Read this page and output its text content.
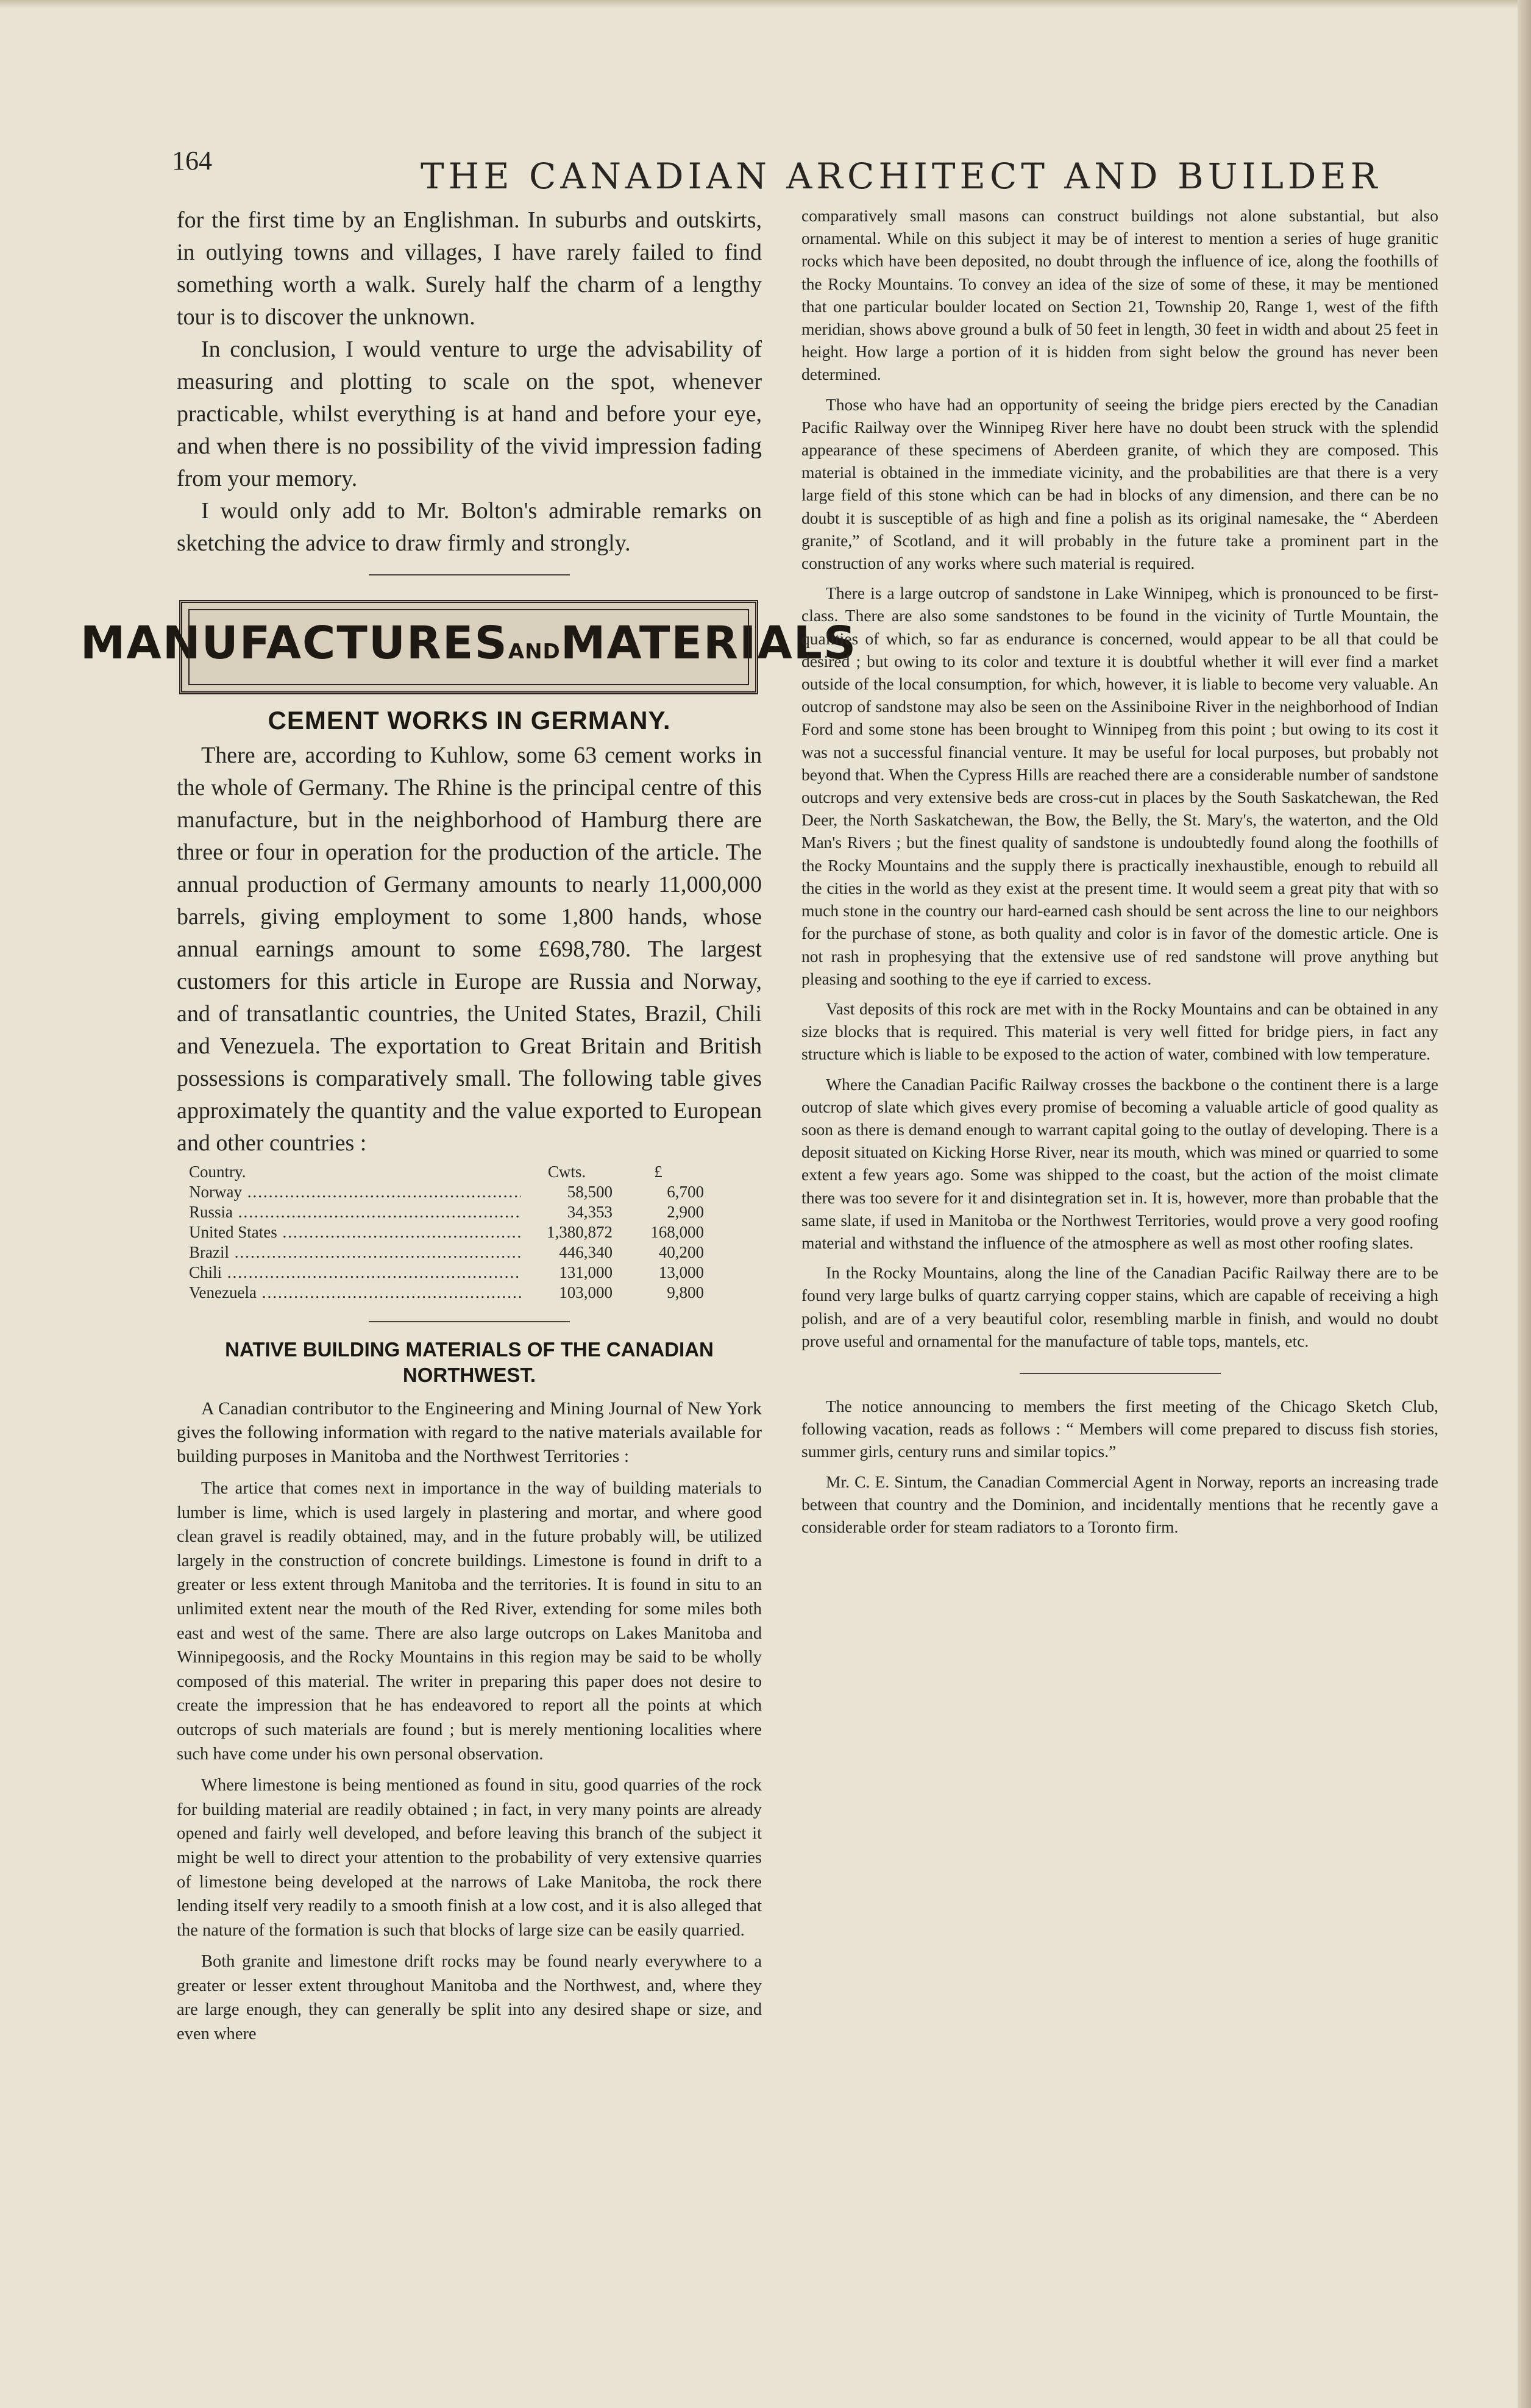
164	THE CANADIAN ARCHITECT AND BUILDER

for the first time by an Englishman. In suburbs and outskirts, in outlying towns and villages, I have rarely failed to find something worth a walk. Surely half the charm of a lengthy tour is to discover the unknown.

In conclusion, I would venture to urge the advisability of measuring and plotting to scale on the spot, whenever practicable, whilst everything is at hand and before your eye, and when there is no possibility of the vivid impression fading from your memory.

I would only add to Mr. Bolton's admirable remarks on sketching the advice to draw firmly and strongly.

MANUFACTURESANDMATERIALS
CEMENT WORKS IN GERMANY.

There are, according to Kuhlow, some 63 cement works in the whole of Germany. The Rhine is the principal centre of this manufacture, but in the neighborhood of Hamburg there are three or four in operation for the production of the article. The annual production of Germany amounts to nearly 11,000,000 barrels, giving employment to some 1,800 hands, whose annual earnings amount to some £698,780. The largest customers for this article in Europe are Russia and Norway, and of transatlantic countries, the United States, Brazil, Chili and Venezuela. The exportation to Great Britain and British possessions is comparatively small. The following table gives approximately the quantity and the value exported to European and other countries :

Country.	Cwts.	£
Norway .....	58,500	6,700
Russia .....	34,353	2,900
United States .....	1,380,872	168,000
Brazil .....	446,340	40,200
Chili .....	131,000	13,000
Venezuela .....	103,000	9,800
NATIVE BUILDING MATERIALS OF THE CANADIAN NORTHWEST.

A Canadian contributor to the Engineering and Mining Journal of New York gives the following information with regard to the native materials available for building purposes in Manitoba and the Northwest Territories :

The artice that comes next in importance in the way of building materials to lumber is lime, which is used largely in plastering and mortar, and where good clean gravel is readily obtained, may, and in the future probably will, be utilized largely in the construction of concrete buildings. Limestone is found in drift to a greater or less extent through Manitoba and the territories. It is found in situ to an unlimited extent near the mouth of the Red River, extending for some miles both east and west of the same. There are also large outcrops on Lakes Manitoba and Winnipegoosis, and the Rocky Mountains in this region may be said to be wholly composed of this material. The writer in preparing this paper does not desire to create the impression that he has endeavored to report all the points at which outcrops of such materials are found ; but is merely mentioning localities where such have come under his own personal observation.

Where limestone is being mentioned as found in situ, good quarries of the rock for building material are readily obtained ; in fact, in very many points are already opened and fairly well developed, and before leaving this branch of the subject it might be well to direct your attention to the probability of very extensive quarries of limestone being developed at the narrows of Lake Manitoba, the rock there lending itself very readily to a smooth finish at a low cost, and it is also alleged that the nature of the formation is such that blocks of large size can be easily quarried.

Both granite and limestone drift rocks may be found nearly everywhere to a greater or lesser extent throughout Manitoba and the Northwest, and, where they are large enough, they can generally be split into any desired shape or size, and even where

comparatively small masons can construct buildings not alone substantial, but also ornamental. While on this subject it may be of interest to mention a series of huge granitic rocks which have been deposited, no doubt through the influence of ice, along the foothills of the Rocky Mountains. To convey an idea of the size of some of these, it may be mentioned that one particular boulder located on Section 21, Township 20, Range 1, west of the fifth meridian, shows above ground a bulk of 50 feet in length, 30 feet in width and about 25 feet in height. How large a portion of it is hidden from sight below the ground has never been determined.

Those who have had an opportunity of seeing the bridge piers erected by the Canadian Pacific Railway over the Winnipeg River here have no doubt been struck with the splendid appearance of these specimens of Aberdeen granite, of which they are composed. This material is obtained in the immediate vicinity, and the probabilities are that there is a very large field of this stone which can be had in blocks of any dimension, and there can be no doubt it is susceptible of as high and fine a polish as its original namesake, the “ Aberdeen granite,” of Scotland, and it will probably in the future take a prominent part in the construction of any works where such material is required.

There is a large outcrop of sandstone in Lake Winnipeg, which is pronounced to be first-class. There are also some sandstones to be found in the vicinity of Turtle Mountain, the qualities of which, so far as endurance is concerned, would appear to be all that could be desired ; but owing to its color and texture it is doubtful whether it will ever find a market outside of the local consumption, for which, however, it is liable to become very valuable. An outcrop of sandstone may also be seen on the Assiniboine River in the neighborhood of Indian Ford and some stone has been brought to Winnipeg from this point ; but owing to its cost it was not a successful financial venture. It may be useful for local purposes, but probably not beyond that. When the Cypress Hills are reached there are a considerable number of sandstone outcrops and very extensive beds are cross-cut in places by the South Saskatchewan, the Red Deer, the North Saskatchewan, the Bow, the Belly, the St. Mary's, the waterton, and the Old Man's Rivers ; but the finest quality of sandstone is undoubtedly found along the foothills of the Rocky Mountains and the supply there is practically inexhaustible, enough to rebuild all the cities in the world as they exist at the present time. It would seem a great pity that with so much stone in the country our hard-earned cash should be sent across the line to our neighbors for the purchase of stone, as both quality and color is in favor of the domestic article. One is not rash in prophesying that the extensive use of red sandstone will prove anything but pleasing and soothing to the eye if carried to excess.

Vast deposits of this rock are met with in the Rocky Mountains and can be obtained in any size blocks that is required. This material is very well fitted for bridge piers, in fact any structure which is liable to be exposed to the action of water, combined with low temperature.

Where the Canadian Pacific Railway crosses the backbone o the continent there is a large outcrop of slate which gives every promise of becoming a valuable article of good quality as soon as there is demand enough to warrant capital going to the outlay of developing. There is a deposit situated on Kicking Horse River, near its mouth, which was mined or quarried to some extent a few years ago. Some was shipped to the coast, but the action of the moist climate there was too severe for it and disintegration set in. It is, however, more than probable that the same slate, if used in Manitoba or the Northwest Territories, would prove a very good roofing material and withstand the influence of the atmosphere as well as most other roofing slates.

In the Rocky Mountains, along the line of the Canadian Pacific Railway there are to be found very large bulks of quartz carrying copper stains, which are capable of receiving a high polish, and are of a very beautiful color, resembling marble in finish, and would no doubt prove useful and ornamental for the manufacture of table tops, mantels, etc.

The notice announcing to members the first meeting of the Chicago Sketch Club, following vacation, reads as follows : “ Members will come prepared to discuss fish stories, summer girls, century runs and similar topics.”

Mr. C. E. Sintum, the Canadian Commercial Agent in Norway, reports an increasing trade between that country and the Dominion, and incidentally mentions that he recently gave a considerable order for steam radiators to a Toronto firm.
